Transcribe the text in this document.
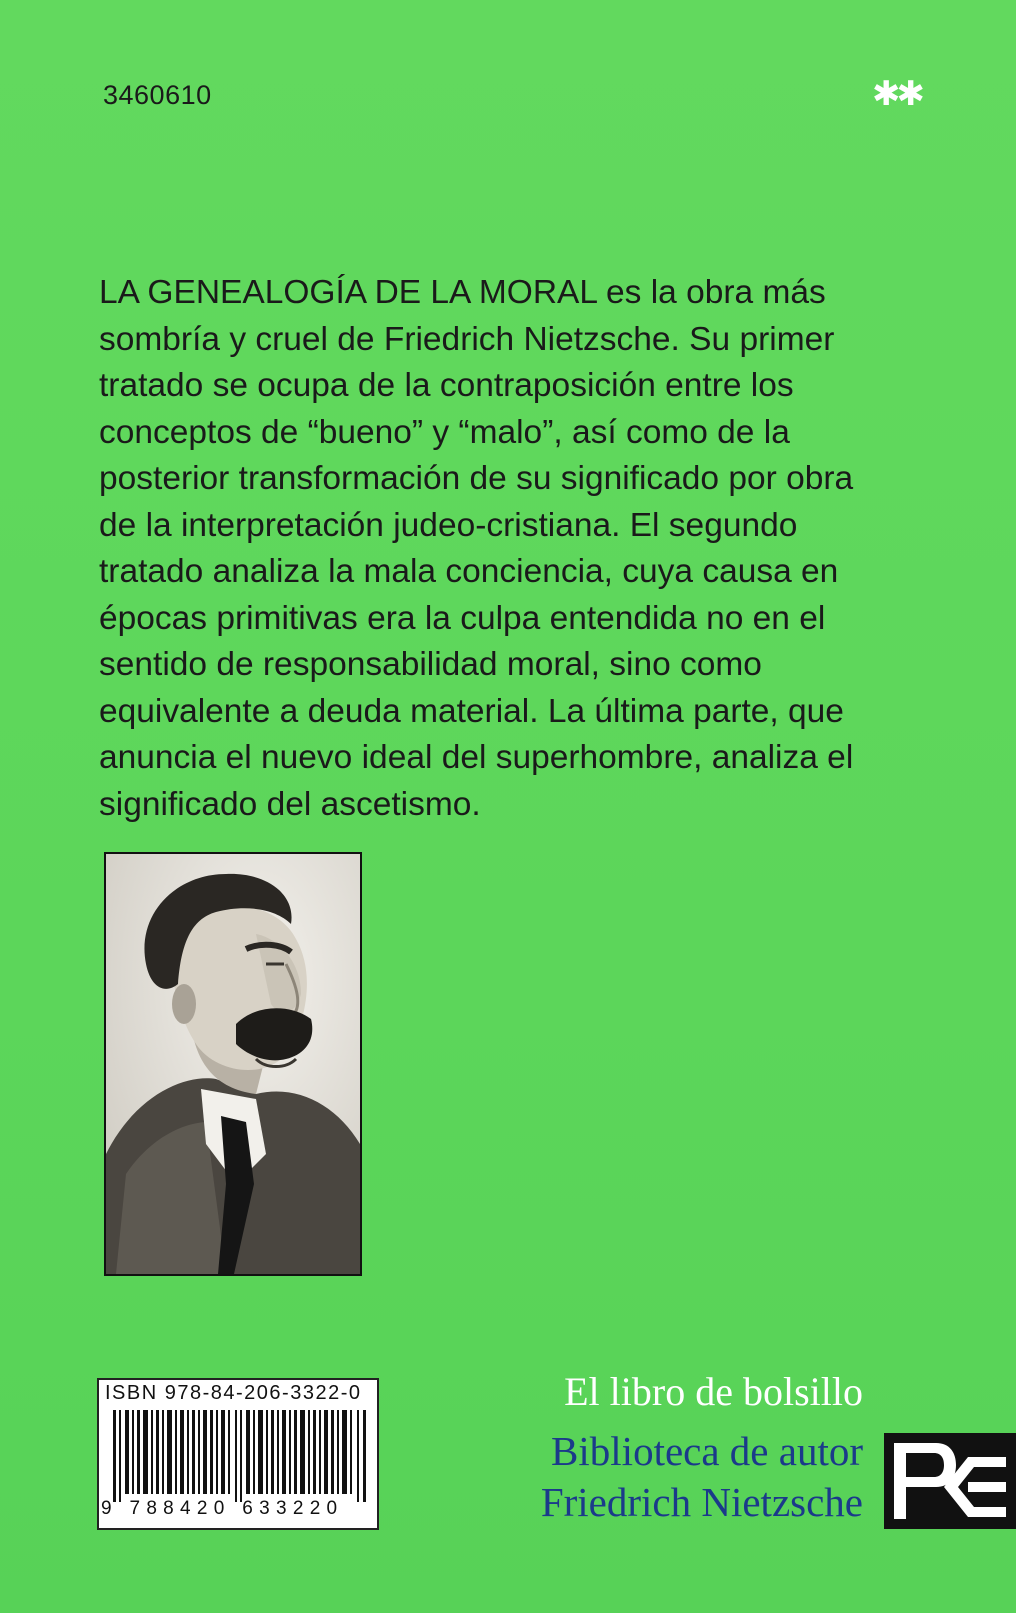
3460610	✱✱
LA GENEALOGÍA DE LA MORAL es la obra más
sombría y cruel de Friedrich Nietzsche. Su primer
tratado se ocupa de la contraposición entre los
conceptos de “bueno” y “malo”, así como de la
posterior transformación de su significado por obra
de la interpretación judeo-cristiana. El segundo
tratado analiza la mala conciencia, cuya causa en
épocas primitivas era la culpa entendida no en el
sentido de responsabilidad moral, sino como
equivalente a deuda material. La última parte, que
anuncia el nuevo ideal del superhombre, analiza el
significado del ascetismo.
ISBN 978-84-206-3322-0
9 788420 633220
El libro de bolsillo
Biblioteca de autor
Friedrich Nietzsche
